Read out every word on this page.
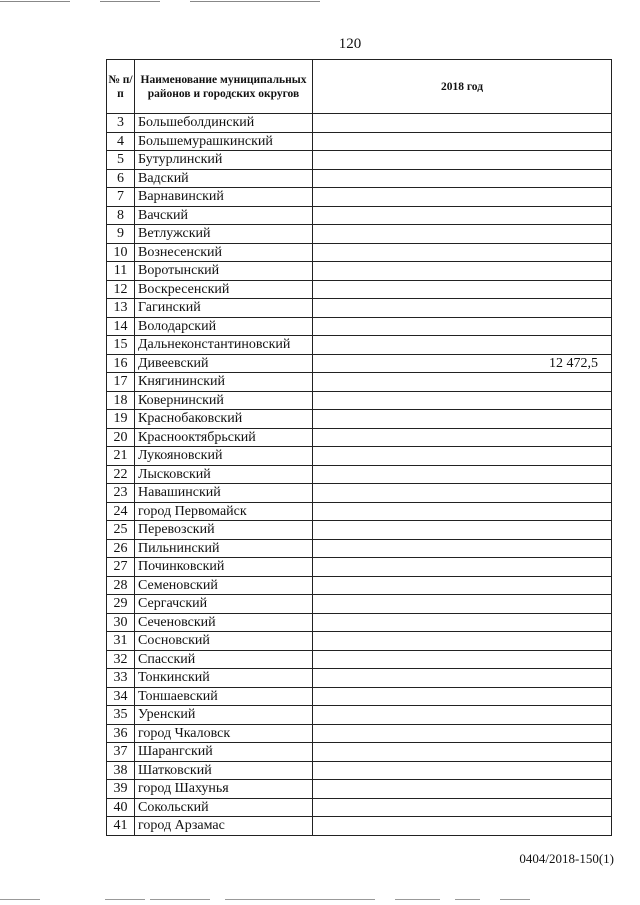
120
№ п/п	Наименование муниципальных районов и городских округов	2018 год
3	Большеболдинский	
4	Большемурашкинский	
5	Бутурлинский	
6	Вадский	
7	Варнавинский	
8	Вачский	
9	Ветлужский	
10	Вознесенский	
11	Воротынский	
12	Воскресенский	
13	Гагинский	
14	Володарский	
15	Дальнеконстантиновский	
16	Дивеевский	12 472,5
17	Княгининский	
18	Ковернинский	
19	Краснобаковский	
20	Краснооктябрьский	
21	Лукояновский	
22	Лысковский	
23	Навашинский	
24	город Первомайск	
25	Перевозский	
26	Пильнинский	
27	Починковский	
28	Семеновский	
29	Сергачский	
30	Сеченовский	
31	Сосновский	
32	Спасский	
33	Тонкинский	
34	Тоншаевский	
35	Уренский	
36	город Чкаловск	
37	Шарангский	
38	Шатковский	
39	город Шахунья	
40	Сокольский	
41	город Арзамас	
0404/2018-150(1)
